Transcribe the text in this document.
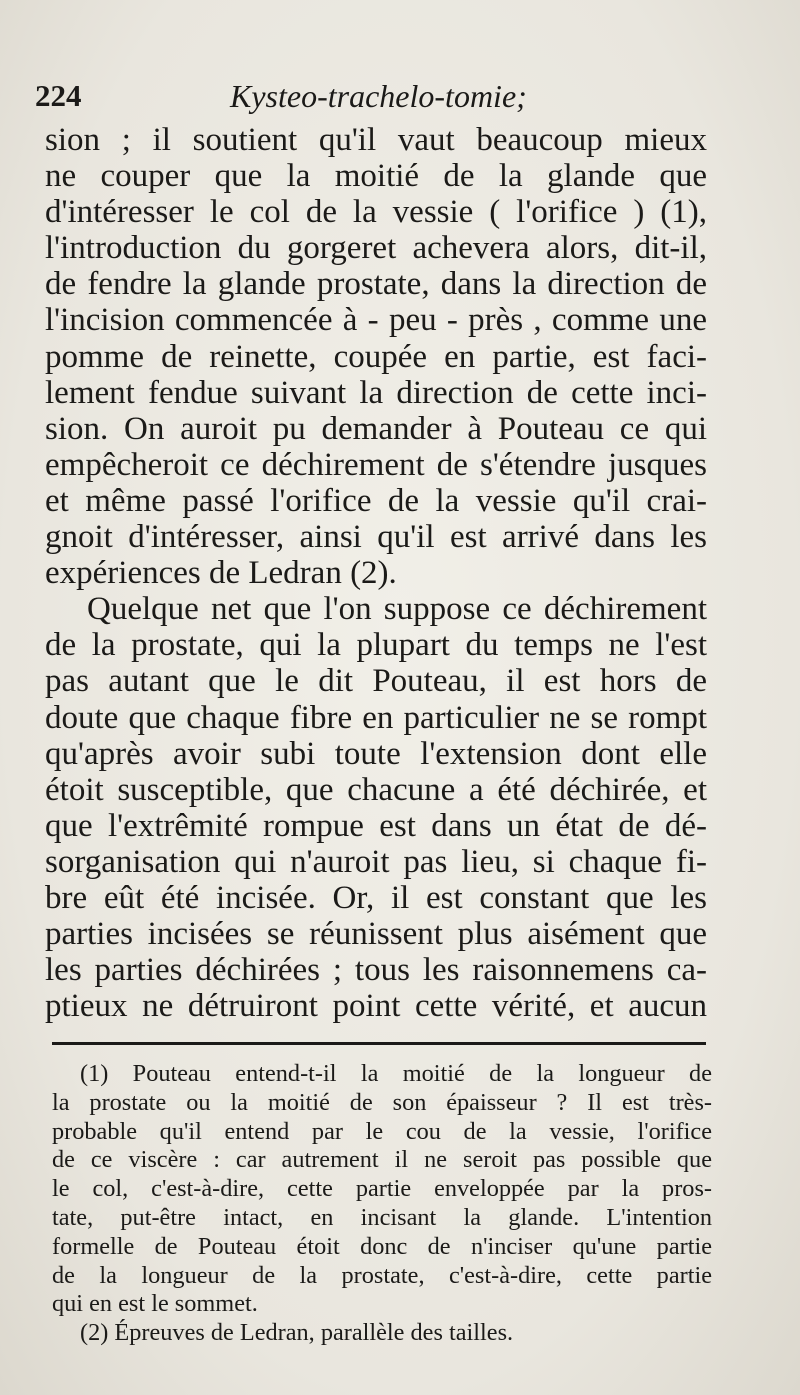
224	Kysteo-trachelo-tomie;
sion ; il soutient qu'il vaut beaucoup mieux
ne couper que la moitié de la glande que
d'intéresser le col de la vessie ( l'orifice ) (1),
l'introduction du gorgeret achevera alors, dit-il,
de fendre la glande prostate, dans la direction de
l'incision commencée à - peu - près , comme une
pomme de reinette, coupée en partie, est faci-
lement fendue suivant la direction de cette inci-
sion. On auroit pu demander à Pouteau ce qui
empêcheroit ce déchirement de s'étendre jusques
et même passé l'orifice de la vessie qu'il crai-
gnoit d'intéresser, ainsi qu'il est arrivé dans les
expériences de Ledran (2).
Quelque net que l'on suppose ce déchirement
de la prostate, qui la plupart du temps ne l'est
pas autant que le dit Pouteau, il est hors de
doute que chaque fibre en particulier ne se rompt
qu'après avoir subi toute l'extension dont elle
étoit susceptible, que chacune a été déchirée, et
que l'extrêmité rompue est dans un état de dé-
sorganisation qui n'auroit pas lieu, si chaque fi-
bre eût été incisée. Or, il est constant que les
parties incisées se réunissent plus aisément que
les parties déchirées ; tous les raisonnemens ca-
ptieux ne détruiront point cette vérité, et aucun
(1) Pouteau entend-t-il la moitié de la longueur de
la prostate ou la moitié de son épaisseur ? Il est très-
probable qu'il entend par le cou de la vessie, l'orifice
de ce viscère : car autrement il ne seroit pas possible que
le col, c'est-à-dire, cette partie enveloppée par la pros-
tate, put-être intact, en incisant la glande. L'intention
formelle de Pouteau étoit donc de n'inciser qu'une partie
de la longueur de la prostate, c'est-à-dire, cette partie
qui en est le sommet.
(2) Épreuves de Ledran, parallèle des tailles.
